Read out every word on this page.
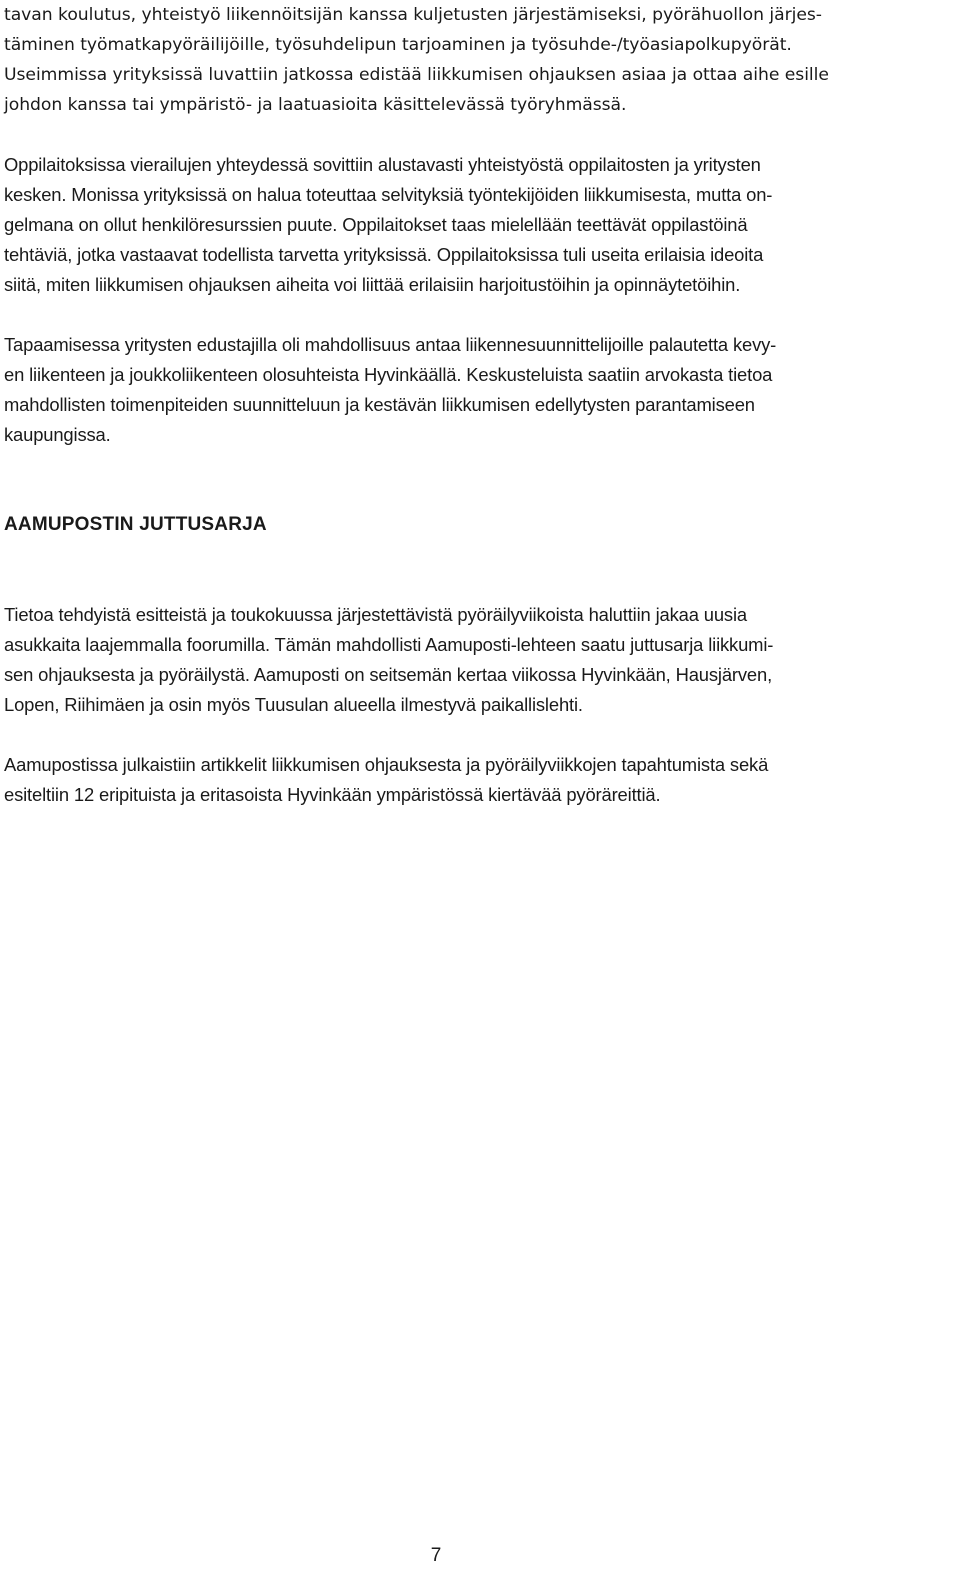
tavan koulutus, yhteistyö liikennöitsijän kanssa kuljetusten järjestämiseksi, pyörähuollon järjes-
täminen työmatkapyöräilijöille, työsuhdelipun tarjoaminen ja työsuhde-/työasiapolkupyörät.
Useimmissa yrityksissä luvattiin jatkossa edistää liikkumisen ohjauksen asiaa ja ottaa aihe esille
johdon kanssa tai ympäristö- ja laatuasioita käsittelevässä työryhmässä.
Oppilaitoksissa vierailujen yhteydessä sovittiin alustavasti yhteistyöstä oppilaitosten ja yritysten
kesken. Monissa yrityksissä on halua toteuttaa selvityksiä työntekijöiden liikkumisesta, mutta on-
gelmana on ollut henkilöresurssien puute. Oppilaitokset taas mielellään teettävät oppilastöinä
tehtäviä, jotka vastaavat todellista tarvetta yrityksissä. Oppilaitoksissa tuli useita erilaisia ideoita
siitä, miten liikkumisen ohjauksen aiheita voi liittää erilaisiin harjoitustöihin ja opinnäytetöihin.
Tapaamisessa yritysten edustajilla oli mahdollisuus antaa liikennesuunnittelijoille palautetta kevy-
en liikenteen ja joukkoliikenteen olosuhteista Hyvinkäällä. Keskusteluista saatiin arvokasta tietoa
mahdollisten toimenpiteiden suunnitteluun ja kestävän liikkumisen edellytysten parantamiseen
kaupungissa.
AAMUPOSTIN JUTTUSARJA
Tietoa tehdyistä esitteistä ja toukokuussa järjestettävistä pyöräilyviikoista haluttiin jakaa uusia
asukkaita laajemmalla foorumilla. Tämän mahdollisti Aamuposti-lehteen saatu juttusarja liikkumi-
sen ohjauksesta ja pyöräilystä. Aamuposti on seitsemän kertaa viikossa Hyvinkään, Hausjärven,
Lopen, Riihimäen ja osin myös Tuusulan alueella ilmestyvä paikallislehti.
Aamupostissa julkaistiin artikkelit liikkumisen ohjauksesta ja pyöräilyviikkojen tapahtumista sekä
esiteltiin 12 eripituista ja eritasoista Hyvinkään ympäristössä kiertävää pyöräreittiä.
7
